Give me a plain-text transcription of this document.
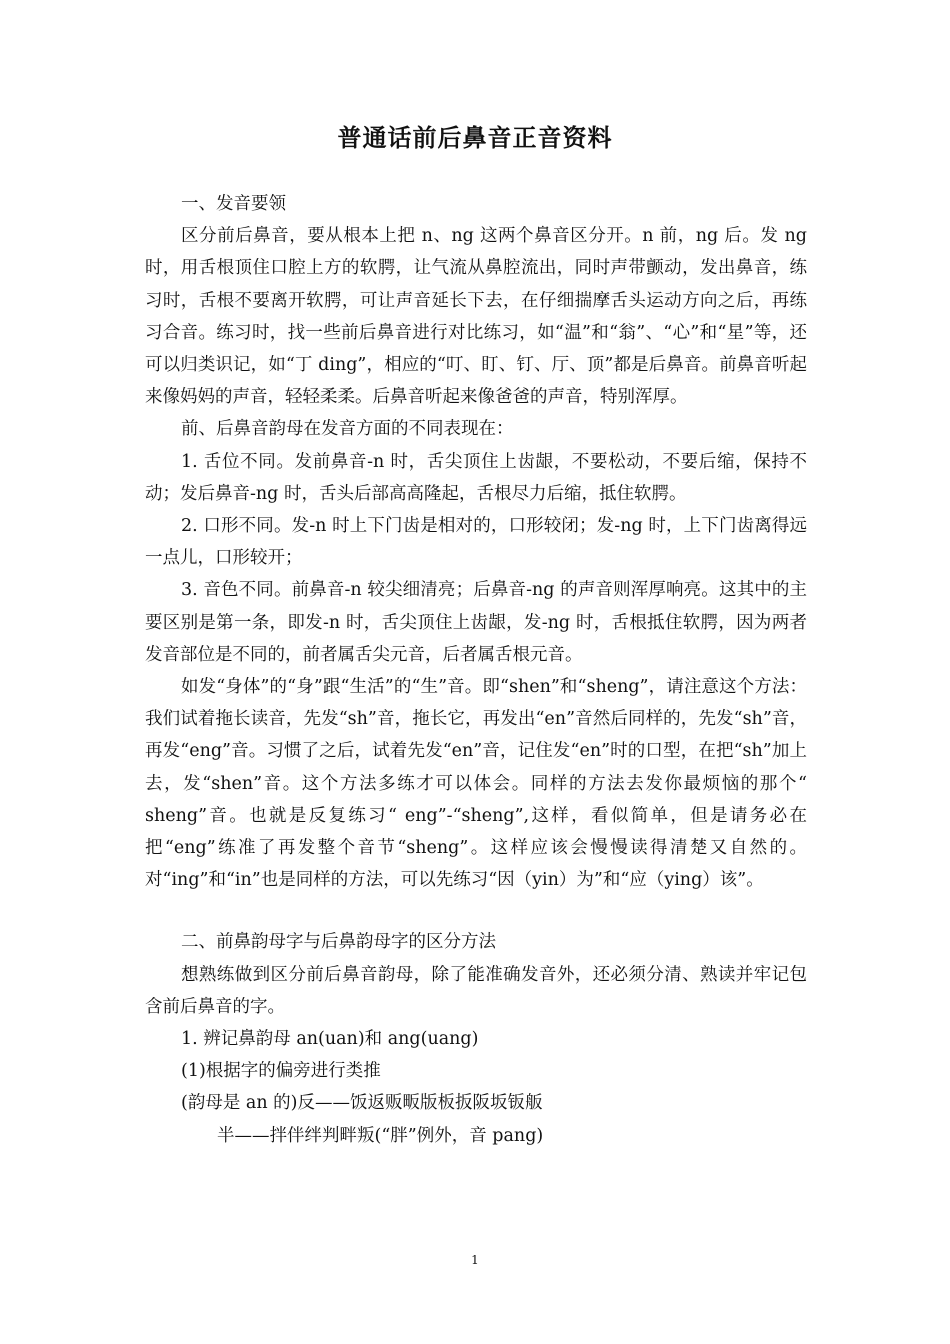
普通话前后鼻音正音资料

一、发音要领

区分前后鼻音，要从根本上把 n、ng 这两个鼻音区分开。n 前，ng 后。发 ng 时，用舌根顶住口腔上方的软腭，让气流从鼻腔流出，同时声带颤动，发出鼻音，练习时，舌根不要离开软腭，可让声音延长下去，在仔细揣摩舌头运动方向之后，再练习合音。练习时，找一些前后鼻音进行对比练习，如“温”和“翁”、“心”和“星”等，还可以归类识记，如“丁 ding”，相应的“叮、盯、钉、厅、顶”都是后鼻音。前鼻音听起来像妈妈的声音，轻轻柔柔。后鼻音听起来像爸爸的声音，特别浑厚。

前、后鼻音韵母在发音方面的不同表现在：

1. 舌位不同。发前鼻音-n 时，舌尖顶住上齿龈，不要松动，不要后缩，保持不动；发后鼻音-ng 时，舌头后部高高隆起，舌根尽力后缩，抵住软腭。

2. 口形不同。发-n 时上下门齿是相对的，口形较闭；发-ng 时，上下门齿离得远一点儿，口形较开；

3. 音色不同。前鼻音-n 较尖细清亮；后鼻音-ng 的声音则浑厚响亮。这其中的主要区别是第一条，即发-n 时，舌尖顶住上齿龈，发-ng 时，舌根抵住软腭，因为两者发音部位是不同的，前者属舌尖元音，后者属舌根元音。

如发“身体”的“身”跟“生活”的“生”音。即“shen”和“sheng”，请注意这个方法：我们试着拖长读音，先发“sh”音，拖长它，再发出“en”音然后同样的，先发“sh”音，再发“eng”音。习惯了之后，试着先发“en”音，记住发“en”时的口型，在把“sh”加上去，发“shen”音。这个方法多练才可以体会。同样的方法去发你最烦恼的那个“ sheng”音。也就是反复练习“ eng”-“sheng”,这样，看似简单，但是请务必在把“eng”练准了再发整个音节“sheng”。这样应该会慢慢读得清楚又自然的。对“ing”和“in”也是同样的方法，可以先练习“因（yin）为”和“应（ying）该”。

二、前鼻韵母字与后鼻韵母字的区分方法

想熟练做到区分前后鼻音韵母，除了能准确发音外，还必须分清、熟读并牢记包含前后鼻音的字。

1. 辨记鼻韵母 an(uan)和 ang(uang)

(1)根据字的偏旁进行类推

(韵母是 an 的)反——饭返贩畈版板扳阪坂钣舨

半——拌伴绊判畔叛(“胖”例外，音 pang)

1
